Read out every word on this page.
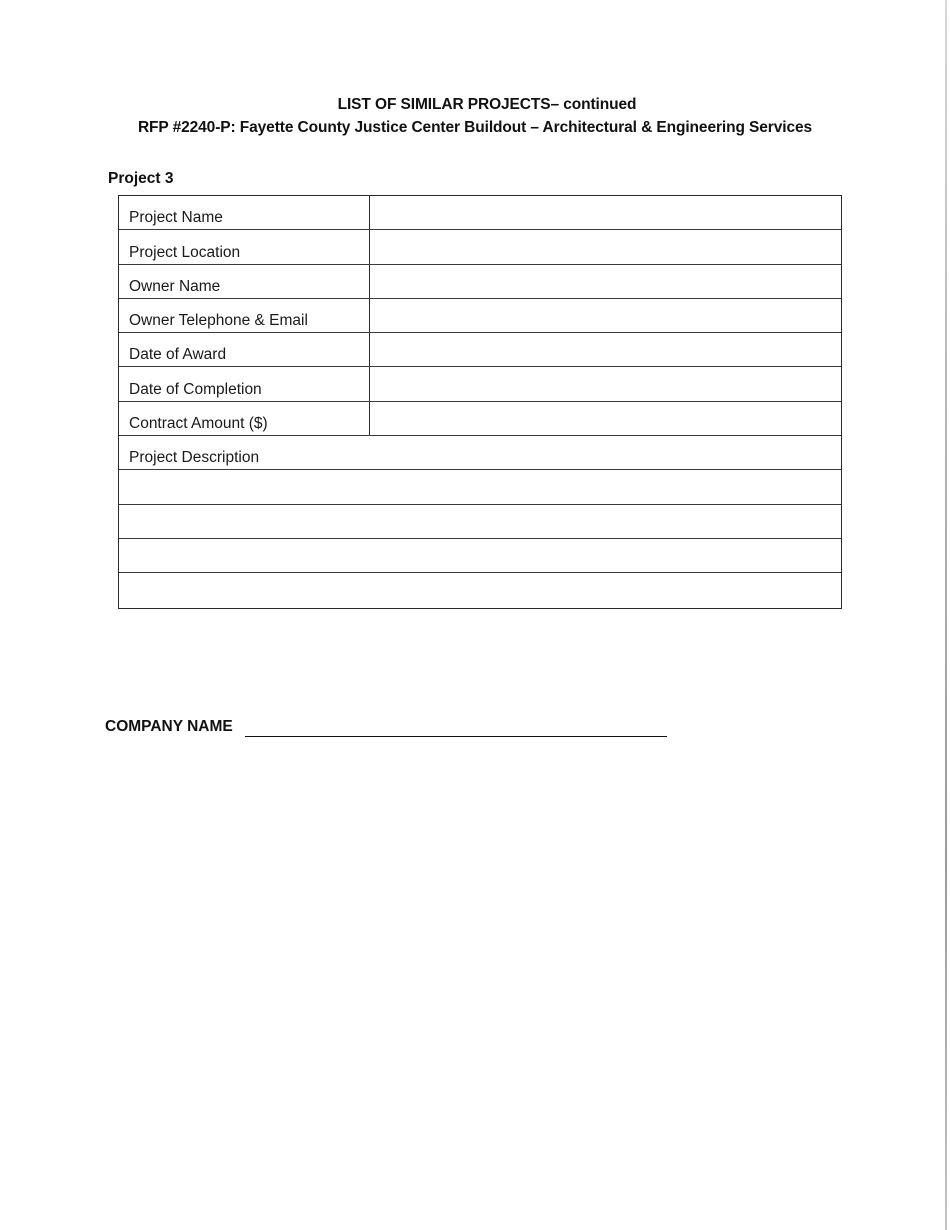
LIST OF SIMILAR PROJECTS– continued
RFP #2240-P: Fayette County Justice Center Buildout – Architectural & Engineering Services
Project 3
Project Name
Project Location
Owner Name
Owner Telephone & Email
Date of Award
Date of Completion
Contract Amount ($)
Project Description
COMPANY NAME
